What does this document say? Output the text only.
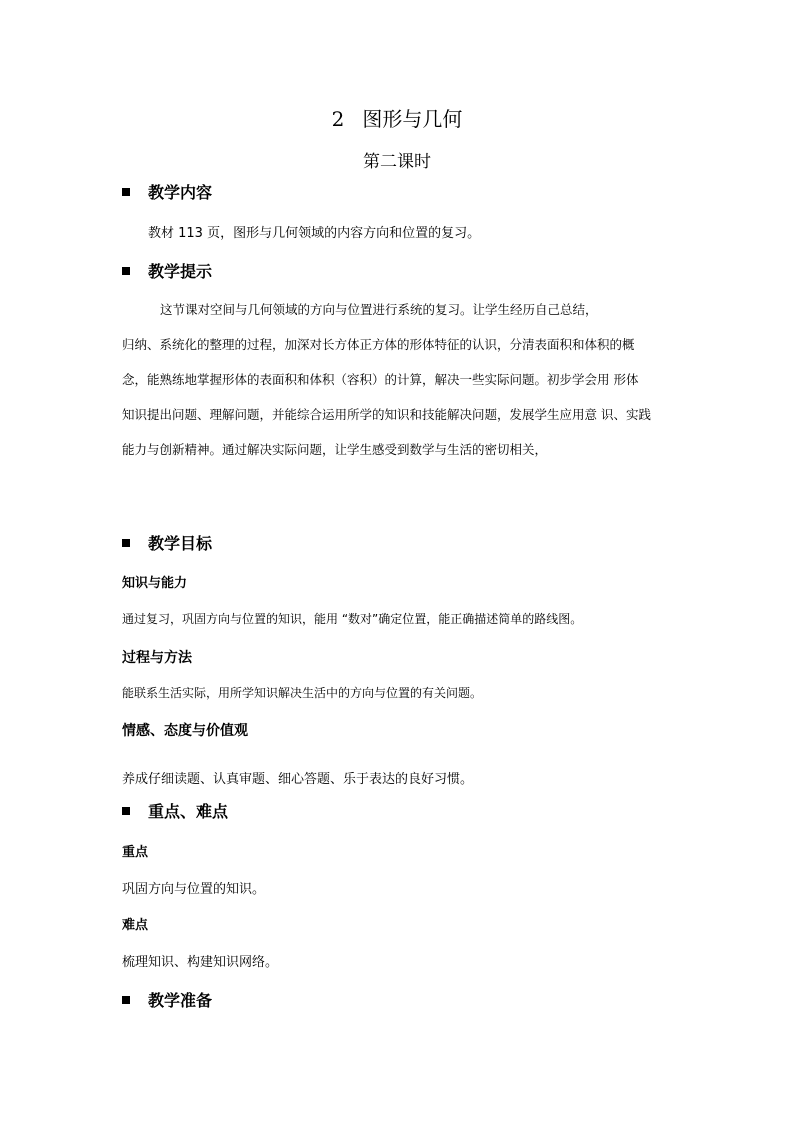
2 图形与几何
第二课时
教学内容
教材 113 页，图形与几何领域的内容方向和位置的复习。
教学提示
这节课对空间与几何领域的方向与位置进行系统的复习。让学生经历自己总结，
归纳、系统化的整理的过程，加深对长方体正方体的形体特征的认识，分清表面积和体积的概
念，能熟练地掌握形体的表面积和体积（容积）的计算，解决一些实际问题。初步学会用 形体
知识提出问题、理解问题，并能综合运用所学的知识和技能解决问题，发展学生应用意 识、实践
能力与创新精神。通过解决实际问题，让学生感受到数学与生活的密切相关，
教学目标
知识与能力
通过复习，巩固方向与位置的知识，能用 “数对”确定位置，能正确描述简单的路线图。
过程与方法
能联系生活实际，用所学知识解决生活中的方向与位置的有关问题。
情感、态度与价值观
养成仔细读题、认真审题、细心答题、乐于表达的良好习惯。
重点、难点
重点
巩固方向与位置的知识。
难点
梳理知识、构建知识网络。
教学准备
